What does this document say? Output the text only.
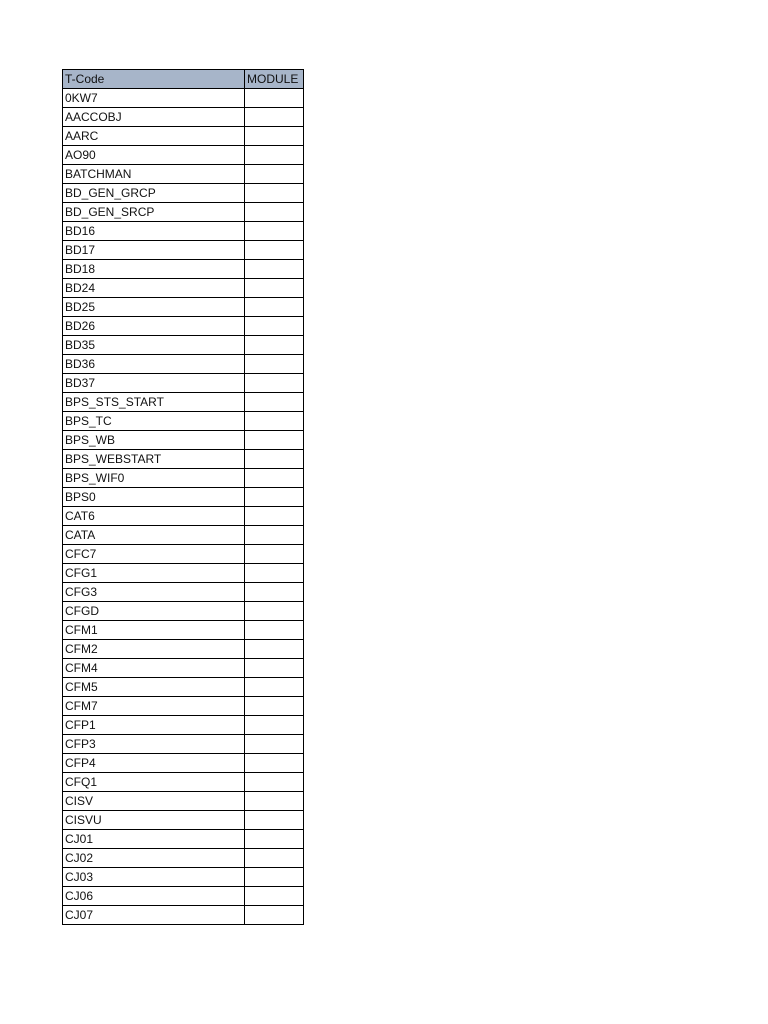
T-Code	MODULE
0KW7	
AACCOBJ	
AARC	
AO90	
BATCHMAN	
BD_GEN_GRCP	
BD_GEN_SRCP	
BD16	
BD17	
BD18	
BD24	
BD25	
BD26	
BD35	
BD36	
BD37	
BPS_STS_START	
BPS_TC	
BPS_WB	
BPS_WEBSTART	
BPS_WIF0	
BPS0	
CAT6	
CATA	
CFC7	
CFG1	
CFG3	
CFGD	
CFM1	
CFM2	
CFM4	
CFM5	
CFM7	
CFP1	
CFP3	
CFP4	
CFQ1	
CISV	
CISVU	
CJ01	
CJ02	
CJ03	
CJ06	
CJ07	
